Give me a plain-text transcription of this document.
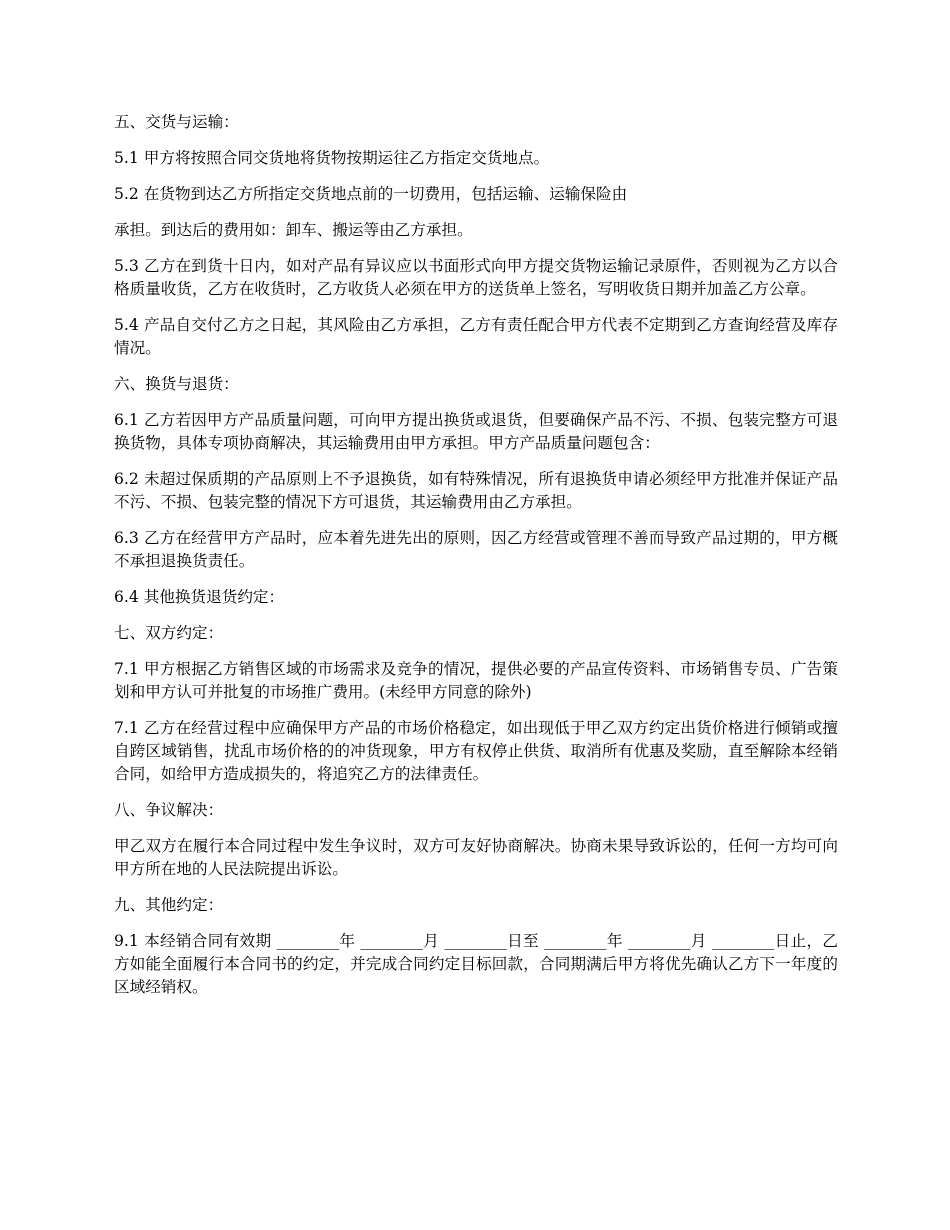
五、交货与运输：

5.1 甲方将按照合同交货地将货物按期运往乙方指定交货地点。

5.2 在货物到达乙方所指定交货地点前的一切费用，包括运输、运输保险由

承担。到达后的费用如：卸车、搬运等由乙方承担。

5.3 乙方在到货十日内，如对产品有异议应以书面形式向甲方提交货物运输记录原件，否则视为乙方以合格质量收货，乙方在收货时，乙方收货人必须在甲方的送货单上签名，写明收货日期并加盖乙方公章。

5.4 产品自交付乙方之日起，其风险由乙方承担，乙方有责任配合甲方代表不定期到乙方查询经营及库存情况。

六、换货与退货：

6.1 乙方若因甲方产品质量问题，可向甲方提出换货或退货，但要确保产品不污、不损、包装完整方可退换货物，具体专项协商解决，其运输费用由甲方承担。甲方产品质量问题包含：

6.2 未超过保质期的产品原则上不予退换货，如有特殊情况，所有退换货申请必须经甲方批准并保证产品不污、不损、包装完整的情况下方可退货，其运输费用由乙方承担。

6.3 乙方在经营甲方产品时，应本着先进先出的原则，因乙方经营或管理不善而导致产品过期的，甲方概不承担退换货责任。

6.4 其他换货退货约定：

七、双方约定：

7.1 甲方根据乙方销售区域的市场需求及竞争的情况，提供必要的产品宣传资料、市场销售专员、广告策划和甲方认可并批复的市场推广费用。(未经甲方同意的除外)

7.1 乙方在经营过程中应确保甲方产品的市场价格稳定，如出现低于甲乙双方约定出货价格进行倾销或擅自跨区域销售，扰乱市场价格的的冲货现象，甲方有权停止供货、取消所有优惠及奖励，直至解除本经销合同，如给甲方造成损失的，将追究乙方的法律责任。

八、争议解决：

甲乙双方在履行本合同过程中发生争议时，双方可友好协商解决。协商未果导致诉讼的，任何一方均可向甲方所在地的人民法院提出诉讼。

九、其他约定：

9.1 本经销合同有效期 ________年 ________月 ________日至 ________年 ________月 ________日止，乙方如能全面履行本合同书的约定，并完成合同约定目标回款，合同期满后甲方将优先确认乙方下一年度的区域经销权。
